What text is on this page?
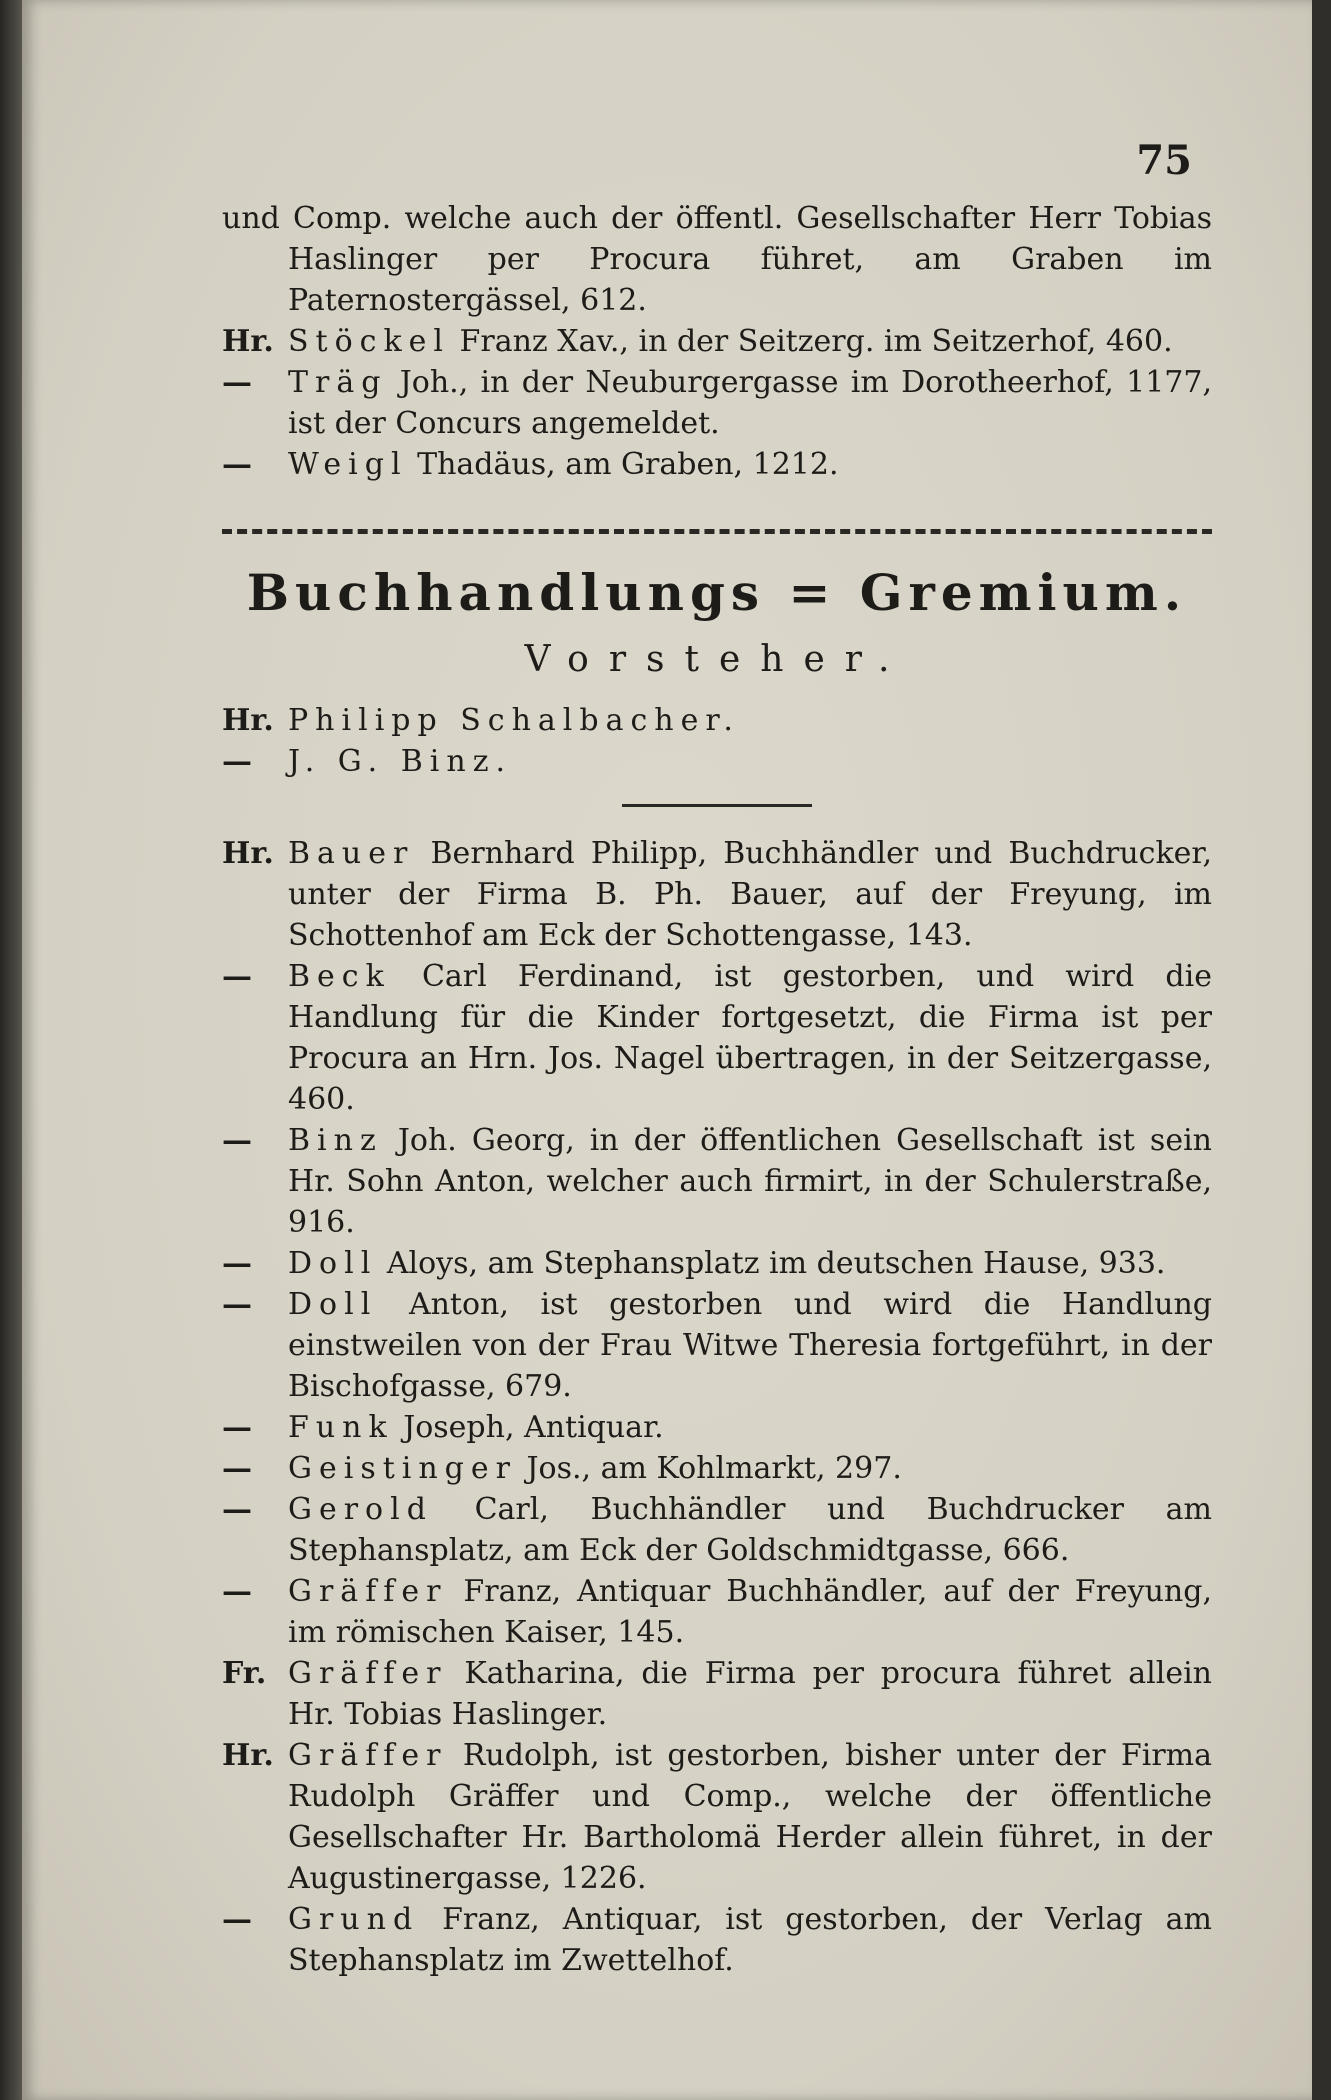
75

und Comp. welche auch der öffentl. Gesellschafter Herr Tobias Haslinger per Procura führet, am Graben im Paternostergässel, 612.

Hr. Stöckel Franz Xav., in der Seitzerg. im Seitzerhof, 460.

— Träg Joh., in der Neuburgergasse im Dorotheerhof, 1177, ist der Concurs angemeldet.

— Weigl Thadäus, am Graben, 1212.

Buchhandlungs = Gremium.
Vorsteher.

Hr. Philipp Schalbacher.

— J. G. Binz.

Hr. Bauer Bernhard Philipp, Buchhändler und Buchdrucker, unter der Firma B. Ph. Bauer, auf der Freyung, im Schottenhof am Eck der Schottengasse, 143.

— Beck Carl Ferdinand, ist gestorben, und wird die Handlung für die Kinder fortgesetzt, die Firma ist per Procura an Hrn. Jos. Nagel übertragen, in der Seitzergasse, 460.

— Binz Joh. Georg, in der öffentlichen Gesellschaft ist sein Hr. Sohn Anton, welcher auch firmirt, in der Schulerstraße, 916.

— Doll Aloys, am Stephansplatz im deutschen Hause, 933.

— Doll Anton, ist gestorben und wird die Handlung einstweilen von der Frau Witwe Theresia fortgeführt, in der Bischofgasse, 679.

— Funk Joseph, Antiquar.

— Geistinger Jos., am Kohlmarkt, 297.

— Gerold Carl, Buchhändler und Buchdrucker am Stephansplatz, am Eck der Goldschmidtgasse, 666.

— Gräffer Franz, Antiquar Buchhändler, auf der Freyung, im römischen Kaiser, 145.

Fr. Gräffer Katharina, die Firma per procura führet allein Hr. Tobias Haslinger.

Hr. Gräffer Rudolph, ist gestorben, bisher unter der Firma Rudolph Gräffer und Comp., welche der öffentliche Gesellschafter Hr. Bartholomä Herder allein führet, in der Augustinergasse, 1226.

— Grund Franz, Antiquar, ist gestorben, der Verlag am Stephansplatz im Zwettelhof.
